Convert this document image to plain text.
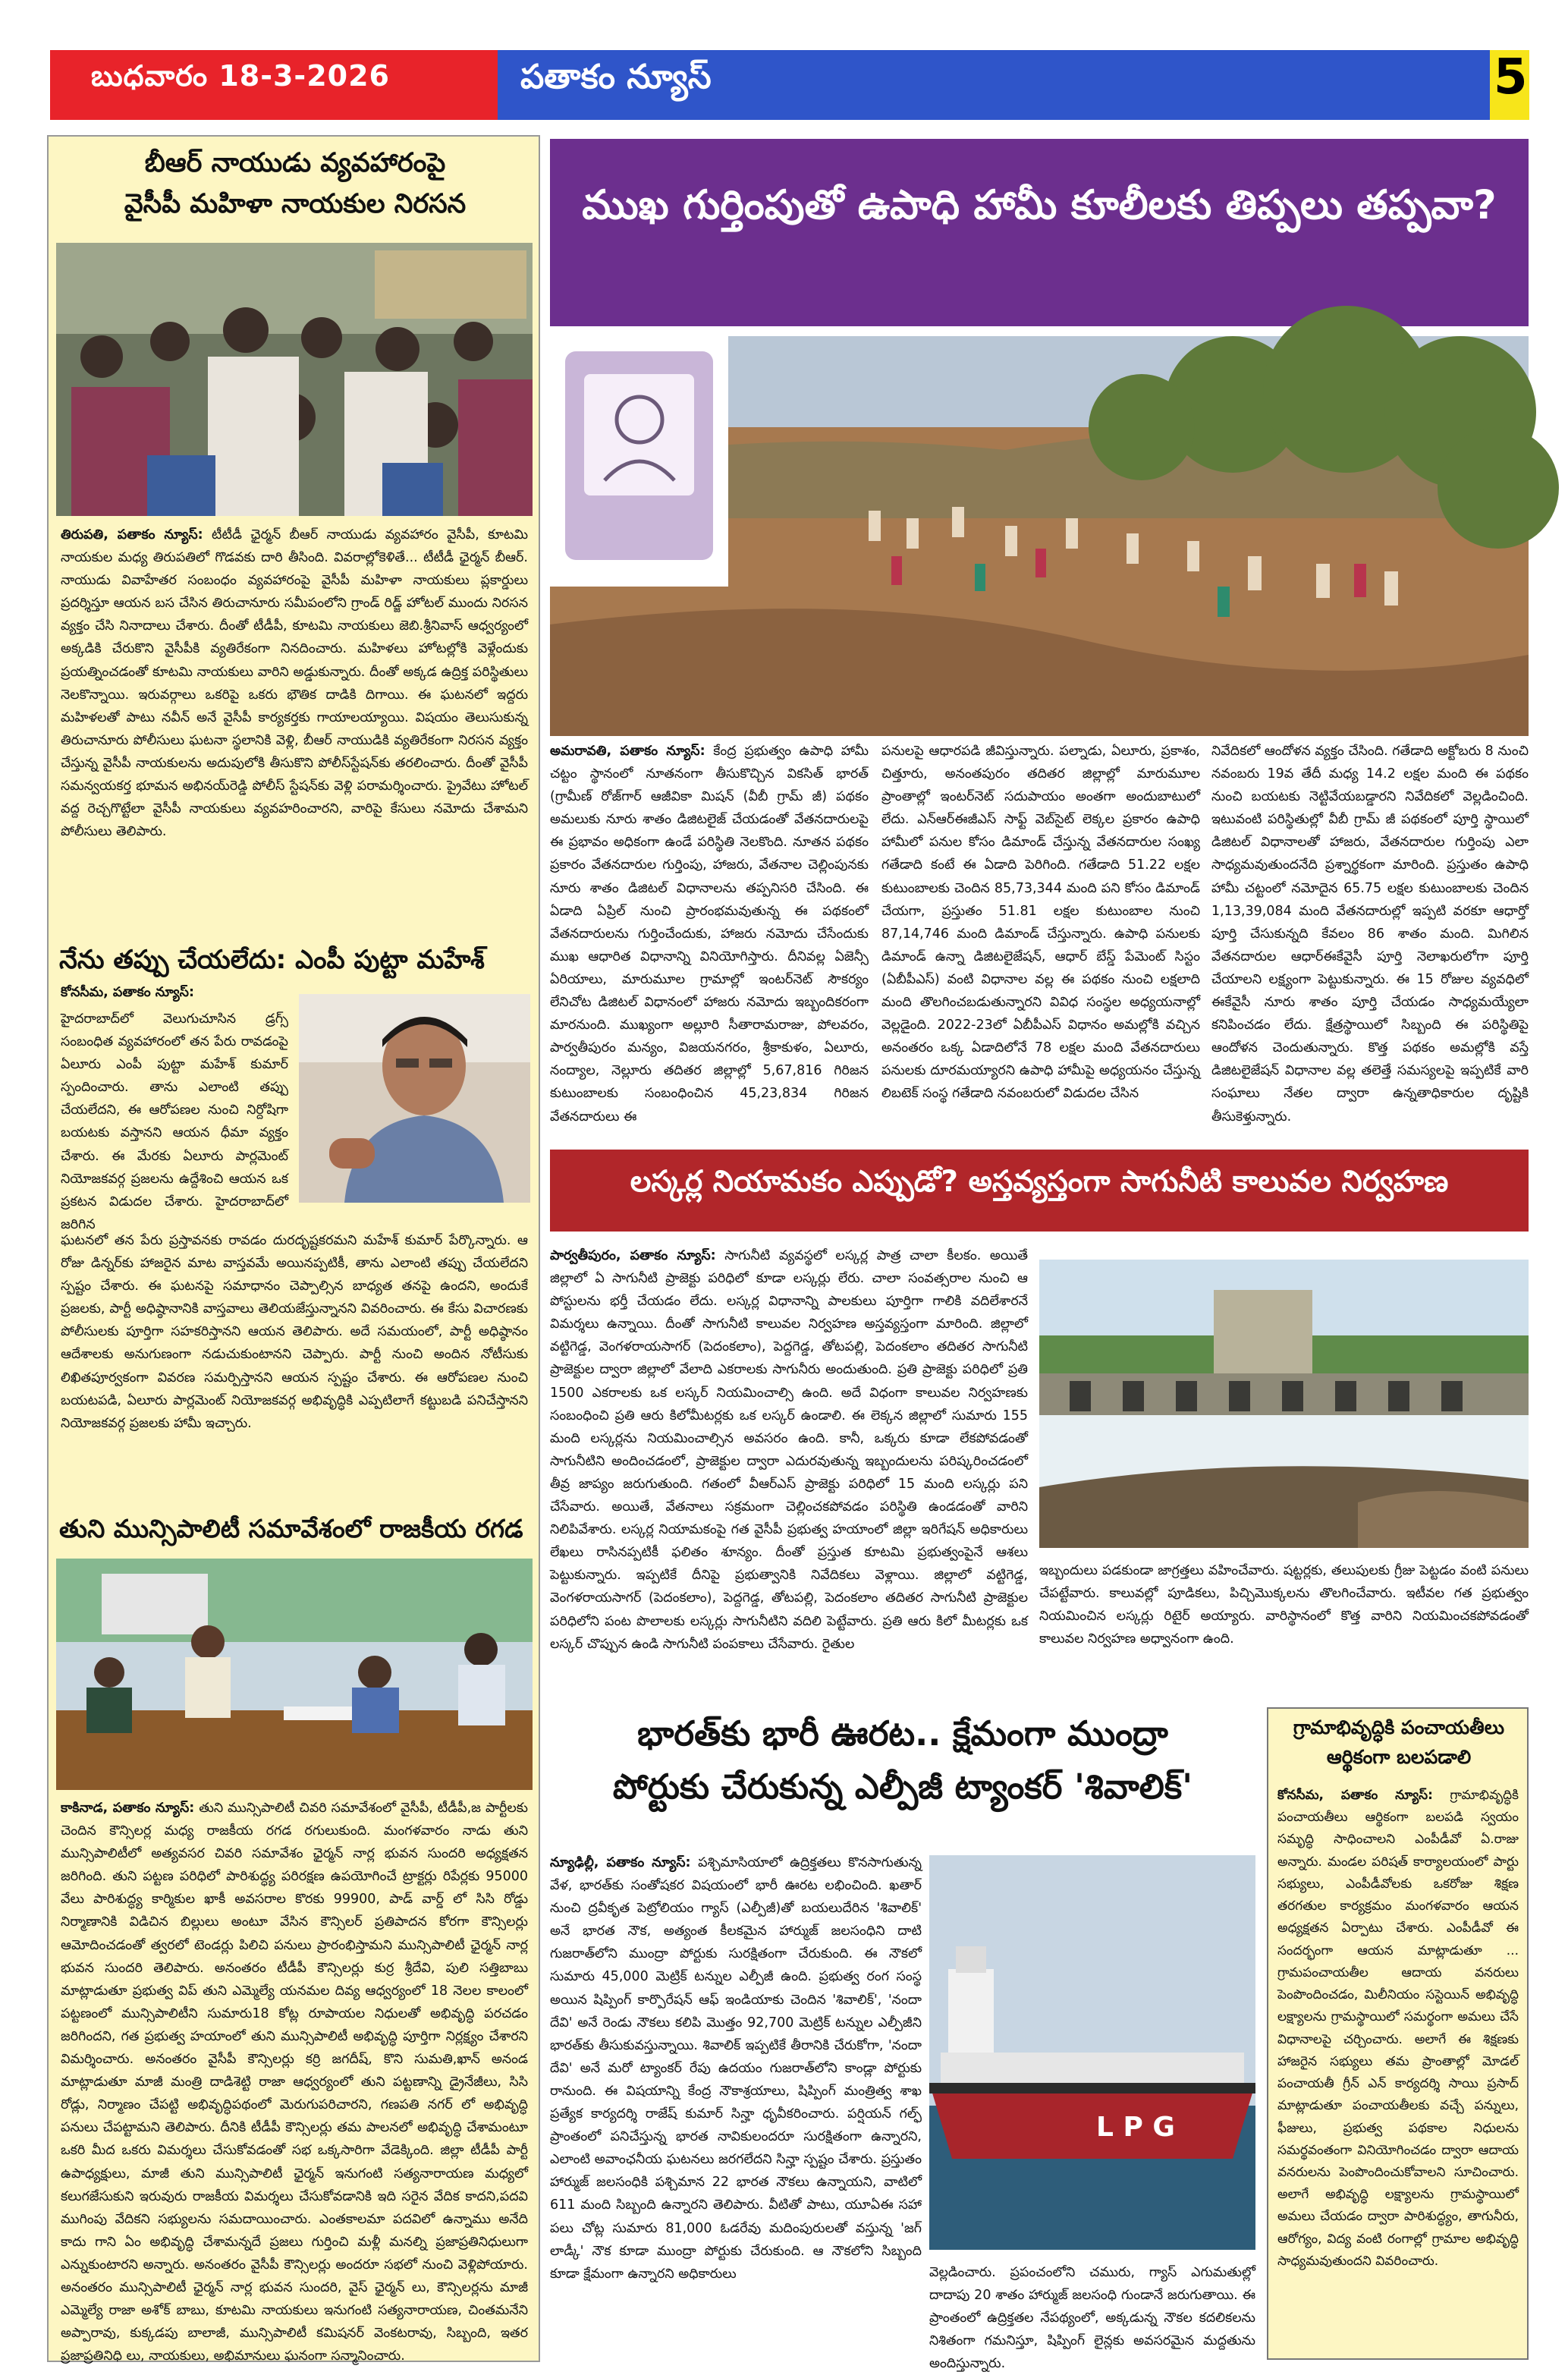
బుధవారం 18-3-2026	పతాకం న్యూస్	5
బీఆర్ నాయుడు వ్యవహారంపై
వైసీపీ మహిళా నాయకుల నిరసన

తిరుపతి, పతాకం న్యూస్: టీటీడీ ఛైర్మన్ బీఆర్ నాయుడు వ్యవహారం వైసీపీ, కూటమి నాయకుల మధ్య తిరుపతిలో గొడవకు దారి తీసింది. వివరాల్లోకెళితే... టీటీడీ ఛైర్మన్ బీఆర్. నాయుడు వివాహేతర సంబంధం వ్యవహారంపై వైసీపీ మహిళా నాయకులు ప్లకార్డులు ప్రదర్శిస్తూ ఆయన బస చేసిన తిరుచానూరు సమీపంలోని గ్రాండ్ రిడ్జ్ హోటల్ ముందు నిరసన వ్యక్తం చేసి నినాదాలు చేశారు. దీంతో టీడీపీ, కూటమి నాయకులు జెబి.శ్రీనివాస్ ఆధ్వర్యంలో అక్కడికి చేరుకొని వైసీపీకి వ్యతిరేకంగా నినదించారు. మహిళలు హోటల్లోకి వెళ్లేందుకు ప్రయత్నించడంతో కూటమి నాయకులు వారిని అడ్డుకున్నారు. దీంతో అక్కడ ఉద్రిక్త పరిస్థితులు నెలకొన్నాయి. ఇరువర్గాలు ఒకరిపై ఒకరు భౌతిక దాడికి దిగాయి. ఈ ఘటనలో ఇద్దరు మహిళలతో పాటు నవీన్ అనే వైసీపీ కార్యకర్తకు గాయాలయ్యాయి. విషయం తెలుసుకున్న తిరుచానూరు పోలీసులు ఘటనా స్థలానికి వెళ్లి, బీఆర్ నాయుడికి వ్యతిరేకంగా నిరసన వ్యక్తం చేస్తున్న వైసీపీ నాయకులను అదుపులోకి తీసుకొని పోలీస్‌స్టేషన్‌కు తరలించారు. దీంతో వైసీపీ సమన్వయకర్త భూమన అభినయ్‌రెడ్డి పోలీస్ స్టేషన్‌కు వెళ్లి పరామర్శించారు. ప్రైవేటు హోటల్ వద్ద రెచ్చగొట్టేలా వైసీపీ నాయకులు వ్యవహరించారని, వారిపై కేసులు నమోదు చేశామని పోలీసులు తెలిపారు.

నేను తప్పు చేయలేదు: ఎంపీ పుట్టా మహేశ్
కోనసీమ, పతాకం న్యూస్:

హైదరాబాద్‌లో వెలుగుచూసిన డ్రగ్స్ సంబంధిత వ్యవహారంలో తన పేరు రావడంపై ఏలూరు ఎంపీ పుట్టా మహేశ్ కుమార్ స్పందించారు. తాను ఎలాంటి తప్పు చేయలేదని, ఈ ఆరోపణల నుంచి నిర్దోషిగా బయటకు వస్తానని ఆయన ధీమా వ్యక్తం చేశారు. ఈ మేరకు ఏలూరు పార్లమెంట్ నియోజకవర్గ ప్రజలను ఉద్దేశించి ఆయన ఒక ప్రకటన విడుదల చేశారు. హైదరాబాద్‌లో జరిగిన

ఘటనలో తన పేరు ప్రస్తావనకు రావడం దురదృష్టకరమని మహేశ్ కుమార్ పేర్కొన్నారు. ఆ రోజు డిన్నర్‌కు హాజరైన మాట వాస్తవమే అయినప్పటికీ, తాను ఎలాంటి తప్పు చేయలేదని స్పష్టం చేశారు. ఈ ఘటనపై సమాధానం చెప్పాల్సిన బాధ్యత తనపై ఉందని, అందుకే ప్రజలకు, పార్టీ అధిష్ఠానానికి వాస్తవాలు తెలియజేస్తున్నానని వివరించారు. ఈ కేసు విచారణకు పోలీసులకు పూర్తిగా సహకరిస్తానని ఆయన తెలిపారు. అదే సమయంలో, పార్టీ అధిష్ఠానం ఆదేశాలకు అనుగుణంగా నడుచుకుంటానని చెప్పారు. పార్టీ నుంచి అందిన నోటీసుకు లిఖితపూర్వకంగా వివరణ సమర్పిస్తానని ఆయన స్పష్టం చేశారు. ఈ ఆరోపణల నుంచి బయటపడి, ఏలూరు పార్లమెంట్ నియోజకవర్గ అభివృద్ధికి ఎప్పటిలాగే కట్టుబడి పనిచేస్తానని నియోజకవర్గ ప్రజలకు హామీ ఇచ్చారు.

తుని మున్సిపాలిటీ సమావేశంలో రాజకీయ రగడ

కాకినాడ, పతాకం న్యూస్: తుని మున్సిపాలిటీ చివరి సమావేశంలో వైసీపీ, టీడీపీ,జ పార్టీలకు చెందిన కౌన్సిలర్ల మధ్య రాజకీయ రగడ రగులుకుంది. మంగళవారం నాడు తుని మున్సిపాలిటీలో అత్యవసర చివరి సమావేశం ఛైర్మన్ నార్ల భువన సుందరి అధ్యక్షతన జరిగింది. తుని పట్టణ పరిధిలో పారిశుద్ధ్య పరిరక్షణ ఉపయోగించే ట్రాక్టర్లు రిపేర్లకు 95000 వేలు పారిశుద్ధ్య కార్మికుల ఖాకీ అవసరాల కొరకు 99900, పాడ్ వార్డ్ లో సిసి రోడ్డు నిర్మాణానికి విడిచిన బిల్లులు అంటూ వేసిన కౌన్సిలర్ ప్రతిపాదన కోరగా కౌన్సిలర్లు ఆమోదించడంతో త్వరలో టెండర్లు పిలిచి పనులు ప్రారంభిస్తామని మున్సిపాలిటీ ఛైర్మన్ నార్ల భువన సుందరి తెలిపారు. అనంతరం టీడీపీ కౌన్సిలర్లు కుర్ర శ్రీదేవి, పులి సత్తిబాబు మాట్లాడుతూ ప్రభుత్వ విప్ తుని ఎమ్మెల్యే యనమల దివ్య ఆధ్వర్యంలో 18 నెలల కాలంలో పట్టణంలో మున్సిపాలిటీని సుమారు18 కోట్ల రూపాయల నిధులతో అభివృద్ధి పరచడం జరిగిందని, గత ప్రభుత్వ హయాంలో తుని మున్సిపాలిటీ అభివృద్ధి పూర్తిగా నిర్లక్ష్యం చేశారని విమర్శించారు. అనంతరం వైసీపీ కౌన్సిలర్లు కర్రి జగదీష్, కొని సుమతి,ఖాన్ అనండ మాట్లాడుతూ మాజీ మంత్రి దాడిశెట్టి రాజా ఆధ్వర్యంలో తుని పట్టణాన్ని డ్రైనేజీలు, సిసి రోడ్లు, నిర్మాణం చేపట్టి అభివృద్ధిపథంలో మెరుగుపరిచారని, గణపతి నగర్ లో అభివృద్ధి పనులు చేపట్టామని తెలిపారు. దీనికి టీడీపీ కౌన్సిలర్లు తమ పాలనలో అభివృద్ధి చేశామంటూ ఒకరి మీద ఒకరు విమర్శలు చేసుకోవడంతో సభ ఒక్కసారిగా వేడెక్కింది. జిల్లా టీడీపీ పార్టీ ఉపాధ్యక్షులు, మాజీ తుని మున్సిపాలిటీ ఛైర్మన్ ఇనుగంటి సత్యనారాయణ మధ్యలో కలుగజేసుకుని ఇరువురు రాజకీయ విమర్శలు చేసుకోవడానికి ఇది సరైన వేదిక కాదని,పదవి ముగింపు వేదికని సభ్యులను సమదాయించారు. ఎంతకాలమా పదవిలో ఉన్నాము అనేది కాదు గాని ఏం అభివృద్ధి చేశామన్నదే ప్రజలు గుర్తించి మళ్లీ మనల్ని ప్రజాప్రతినిధులుగా ఎన్నుకుంటారని అన్నారు. అనంతరం వైసీపీ కౌన్సిలర్లు అందరూ సభలో నుంచి వెళ్లిపోయారు. అనంతరం మున్సిపాలిటీ ఛైర్మన్ నార్ల భువన సుందరి, వైస్ ఛైర్మన్ లు, కౌన్సిలర్లను మాజీ ఎమ్మెల్యే రాజా అశోక్ బాబు, కూటమి నాయకులు ఇనుగంటి సత్యనారాయణ, చింతమనేని అప్పారావు, కుక్కడపు బాలాజీ, మున్సిపాలిటీ కమిషనర్ వెంకటరావు, సిబ్బంది, ఇతర ప్రజాప్రతినిధి లు, నాయకులు, అభిమానులు ఘనంగా సన్మానించారు.

ముఖ గుర్తింపుతో ఉపాధి హామీ కూలీలకు తిప్పలు తప్పవా?

అమరావతి, పతాకం న్యూస్: కేంద్ర ప్రభుత్వం ఉపాధి హామీ చట్టం స్థానంలో నూతనంగా తీసుకొచ్చిన వికసిత్ భారత్ (గ్రామీణ్ రోజ్‌గార్ ఆజీవికా మిషన్ (వీబీ గ్రామ్ జీ) పథకం అమలుకు నూరు శాతం డిజిటలైజ్ చేయడంతో వేతనదారులపై ఈ ప్రభావం అధికంగా ఉండే పరిస్థితి నెలకొంది. నూతన పథకం ప్రకారం వేతనదారుల గుర్తింపు, హాజరు, వేతనాల చెల్లింపునకు నూరు శాతం డిజిటల్ విధానాలను తప్పనిసరి చేసింది. ఈ ఏడాది ఏప్రిల్ నుంచి ప్రారంభమవుతున్న ఈ పథకంలో వేతనదారులను గుర్తించేందుకు, హాజరు నమోదు చేసేందుకు ముఖ ఆధారిత విధానాన్ని వినియోగిస్తారు. దీనివల్ల ఏజెన్సీ ఏరియాలు, మారుమూల గ్రామాల్లో ఇంటర్‌నెట్ సౌకర్యం లేనిచోట డిజిటల్ విధానంలో హాజరు నమోదు ఇబ్బందికరంగా మారనుంది. ముఖ్యంగా అల్లూరి సీతారామరాజు, పోలవరం, పార్వతీపురం మన్యం, విజయనగరం, శ్రీకాకుళం, ఏలూరు, నంద్యాల, నెల్లూరు తదితర జిల్లాల్లో 5,67,816 గిరిజన కుటుంబాలకు సంబంధించిన 45,23,834 గిరిజన వేతనదారులు ఈ

పనులపై ఆధారపడి జీవిస్తున్నారు. పల్నాడు, ఏలూరు, ప్రకాశం, చిత్తూరు, అనంతపురం తదితర జిల్లాల్లో మారుమూల ప్రాంతాల్లో ఇంటర్‌నెట్ సదుపాయం అంతగా అందుబాటులో లేదు. ఎన్ఆర్ఈజీఎస్ సాఫ్ట్ వెబ్‌సైట్ లెక్కల ప్రకారం ఉపాధి హామీలో పనుల కోసం డిమాండ్ చేస్తున్న వేతనదారుల సంఖ్య గతేడాది కంటే ఈ ఏడాది పెరిగింది. గతేడాది 51.22 లక్షల కుటుంబాలకు చెందిన 85,73,344 మంది పని కోసం డిమాండ్ చేయగా, ప్రస్తుతం 51.81 లక్షల కుటుంబాల నుంచి 87,14,746 మంది డిమాండ్ చేస్తున్నారు. ఉపాధి పనులకు డిమాండ్ ఉన్నా డిజిటలైజేషన్, ఆధార్ బేస్డ్ పేమెంట్ సిస్టం (ఏబీపీఎస్) వంటి విధానాల వల్ల ఈ పథకం నుంచి లక్షలాది మంది తొలగించబడుతున్నారని వివిధ సంస్థల అధ్యయనాల్లో వెల్లడైంది. 2022-23లో ఏబీపీఎస్ విధానం అమల్లోకి వచ్చిన అనంతరం ఒక్క ఏడాదిలోనే 78 లక్షల మంది వేతనదారులు పనులకు దూరమయ్యారని ఉపాధి హామీపై అధ్యయనం చేస్తున్న లిబటెక్ సంస్థ గతేడాది నవంబరులో విడుదల చేసిన

నివేదికలో ఆందోళన వ్యక్తం చేసింది. గతేడాది అక్టోబరు 8 నుంచి నవంబరు 19వ తేదీ మధ్య 14.2 లక్షల మంది ఈ పథకం నుంచి బయటకు నెట్టివేయబడ్డారని నివేదికలో వెల్లడించింది. ఇటువంటి పరిస్థితుల్లో వీబీ గ్రామ్ జీ పథకంలో పూర్తి స్థాయిలో డిజిటల్ విధానాలతో హాజరు, వేతనదారుల గుర్తింపు ఎలా సాధ్యమవుతుందనేది ప్రశ్నార్థకంగా మారింది. ప్రస్తుతం ఉపాధి హామీ చట్టంలో నమోదైన 65.75 లక్షల కుటుంబాలకు చెందిన 1,13,39,084 మంది వేతనదారుల్లో ఇప్పటి వరకూ ఆధార్తో పూర్తి చేసుకున్నది కేవలం 86 శాతం మంది. మిగిలిన వేతనదారుల ఆధార్‌ఈకేవైసీ పూర్తి నెలాఖరులోగా పూర్తి చేయాలని లక్ష్యంగా పెట్టుకున్నారు. ఈ 15 రోజుల వ్యవధిలో ఈకేవైసీ నూరు శాతం పూర్తి చేయడం సాధ్యమయ్యేలా కనిపించడం లేదు. క్షేత్రస్థాయిలో సిబ్బంది ఈ పరిస్థితిపై ఆందోళన చెందుతున్నారు. కొత్త పథకం అమల్లోకి వస్తే డిజిటలైజేషన్ విధానాల వల్ల తలెత్తే సమస్యలపై ఇప్పటికే వారి సంఘాలు నేతల ద్వారా ఉన్నతాధికారుల దృష్టికి తీసుకెళ్తున్నారు.

లస్కర్ల నియామకం ఎప్పుడో? అస్తవ్యస్తంగా సాగునీటి కాలువల నిర్వహణ

పార్వతీపురం, పతాకం న్యూస్: సాగునీటి వ్యవస్థలో లస్కర్ల పాత్ర చాలా కీలకం. అయితే జిల్లాలో ఏ సాగునీటి ప్రాజెక్టు పరిధిలో కూడా లస్కర్లు లేరు. చాలా సంవత్సరాల నుంచి ఆ పోస్టులను భర్తీ చేయడం లేదు. లస్కర్ల విధానాన్ని పాలకులు పూర్తిగా గాలికి వదిలేశారనే విమర్శలు ఉన్నాయి. దీంతో సాగునీటి కాలువల నిర్వహణ అస్తవ్యస్తంగా మారింది. జిల్లాలో వట్టిగెడ్డ, వెంగళరాయసాగర్ (పెదంకలాం), పెద్దగెడ్డ, తోటపల్లి, పెదంకలాం తదితర సాగునీటి ప్రాజెక్టుల ద్వారా జిల్లాలో వేలాది ఎకరాలకు సాగునీరు అందుతుంది. ప్రతి ప్రాజెక్టు పరిధిలో ప్రతి 1500 ఎకరాలకు ఒక లస్కర్ నియమించాల్సి ఉంది. అదే విధంగా కాలువల నిర్వహణకు సంబంధించి ప్రతి ఆరు కిలోమీటర్లకు ఒక లస్కర్ ఉండాలి. ఈ లెక్కన జిల్లాలో సుమారు 155 మంది లస్కర్లను నియమించాల్సిన అవసరం ఉంది. కానీ, ఒక్కరు కూడా లేకపోవడంతో సాగునీటిని అందించడంలో, ప్రాజెక్టుల ద్వారా ఎదురవుతున్న ఇబ్బందులను పరిష్కరించడంలో తీవ్ర జాప్యం జరుగుతుంది. గతంలో వీఆర్ఎస్ ప్రాజెక్టు పరిధిలో 15 మంది లస్కర్లు పని చేసేవారు. అయితే, వేతనాలు సక్రమంగా చెల్లించకపోవడం పరిస్థితి ఉండడంతో వారిని నిలిపివేశారు. లస్కర్ల నియామకంపై గత వైసీపీ ప్రభుత్వ హయాంలో జిల్లా ఇరిగేషన్ అధికారులు లేఖలు రాసినప్పటికీ ఫలితం శూన్యం. దీంతో ప్రస్తుత కూటమి ప్రభుత్వంపైనే ఆశలు పెట్టుకున్నారు. ఇప్పటికే దీనిపై ప్రభుత్వానికి నివేదికలు వెళ్లాయి. జిల్లాలో వట్టిగెడ్డ, వెంగళరాయసాగర్ (పెదంకలాం), పెద్దగెడ్డ, తోటపల్లి, పెదంకలాం తదితర సాగునీటి ప్రాజెక్టుల పరిధిలోని పంట పొలాలకు లస్కర్లు సాగునీటిని వదిలి పెట్టేవారు. ప్రతి ఆరు కిలో మీటర్లకు ఒక లస్కర్ చొప్పున ఉండి సాగునీటి పంపకాలు చేసేవారు. రైతుల

ఇబ్బందులు పడకుండా జాగ్రత్తలు వహించేవారు. షట్టర్లకు, తలుపులకు గ్రీజు పెట్టడం వంటి పనులు చేపట్టేవారు. కాలువల్లో పూడికలు, పిచ్చిమొక్కలను తొలగించేవారు. ఇటీవల గత ప్రభుత్వం నియమించిన లస్కర్లు రిటైర్ అయ్యారు. వారిస్థానంలో కొత్త వారిని నియమించకపోవడంతో కాలువల నిర్వహణ అధ్వానంగా ఉంది.

భారత్‌కు భారీ ఊరట.. క్షేమంగా ముంద్రా
పోర్టుకు చేరుకున్న ఎల్పీజీ ట్యాంకర్ 'శివాలిక్'
L P G

న్యూఢిల్లీ, పతాకం న్యూస్: పశ్చిమాసియాలో ఉద్రిక్తతలు కొనసాగుతున్న వేళ, భారత్‌కు సంతోషకర విషయంలో భారీ ఊరట లభించింది. ఖతార్ నుంచి ద్రవీకృత పెట్రోలియం గ్యాస్ (ఎల్పీజీ)తో బయలుదేరిన 'శివాలిక్' అనే భారత నౌక, అత్యంత కీలకమైన హార్ముజ్ జలసంధిని దాటి గుజరాత్‌లోని ముంద్రా పోర్టుకు సురక్షితంగా చేరుకుంది. ఈ నౌకలో సుమారు 45,000 మెట్రిక్ టన్నుల ఎల్పీజీ ఉంది. ప్రభుత్వ రంగ సంస్థ అయిన షిప్పింగ్ కార్పొరేషన్ ఆఫ్ ఇండియాకు చెందిన 'శివాలిక్', 'నందా దేవి' అనే రెండు నౌకలు కలిపి మొత్తం 92,700 మెట్రిక్ టన్నుల ఎల్పీజీని భారత్‌కు తీసుకువస్తున్నాయి. శివాలిక్ ఇప్పటికే తీరానికి చేరుకోగా, 'నందా దేవి' అనే మరో ట్యాంకర్ రేపు ఉదయం గుజరాత్‌లోని కాండ్లా పోర్టుకు రానుంది. ఈ విషయాన్ని కేంద్ర నౌకాశ్రయాలు, షిప్పింగ్ మంత్రిత్వ శాఖ ప్రత్యేక కార్యదర్శి రాజేష్ కుమార్ సిన్హా ధృవీకరించారు. పర్షియన్ గల్ఫ్ ప్రాంతంలో పనిచేస్తున్న భారత నావికులందరూ సురక్షితంగా ఉన్నారని, ఎలాంటి అవాంఛనీయ ఘటనలు జరగలేదని సిన్హా స్పష్టం చేశారు. ప్రస్తుతం హార్ముజ్ జలసంధికి పశ్చిమాన 22 భారత నౌకలు ఉన్నాయని, వాటిలో 611 మంది సిబ్బంది ఉన్నారని తెలిపారు. వీటితో పాటు, యూఏఈ సహా పలు చోట్ల సుమారు 81,000 ఓడరేవు మదింపురులతో వస్తున్న 'జగ్ లాడ్కీ' నౌక కూడా ముంద్రా పోర్టుకు చేరుకుంది. ఆ నౌకలోని సిబ్బంది కూడా క్షేమంగా ఉన్నారని అధికారులు	వెల్లడించారు. ప్రపంచంలోని చమురు, గ్యాస్ ఎగుమతుల్లో దాదాపు 20 శాతం హార్ముజ్ జలసంధి గుండానే జరుగుతాయి. ఈ ప్రాంతంలో ఉద్రిక్తతల నేపథ్యంలో, అక్కడున్న నౌకల కదలికలను నిశితంగా గమనిస్తూ, షిప్పింగ్ లైన్లకు అవసరమైన మద్దతును అందిస్తున్నారు.

గ్రామాభివృద్ధికి పంచాయతీలు
ఆర్థికంగా బలపడాలి

కోనసీమ, పతాకం న్యూస్: గ్రామాభివృద్ధికి పంచాయతీలు ఆర్థికంగా బలపడి స్వయం సమృద్ధి సాధించాలని ఎంపీడీవో ఏ.రాజు అన్నారు. మండల పరిషత్ కార్యాలయంలో పార్టు సభ్యులు, ఎంపీడీవోలకు ఒకరోజు శిక్షణ తరగతుల కార్యక్రమం మంగళవారం ఆయన అధ్యక్షతన ఏర్పాటు చేశారు. ఎంపీడీవో ఈ సందర్భంగా ఆయన మాట్లాడుతూ ... గ్రామపంచాయతీల ఆదాయ వనరులు పెంపొందించడం, మిలీనియం సస్టెయిన్ అభివృద్ధి లక్ష్యాలను గ్రామస్థాయిలో సమర్థంగా అమలు చేసే విధానాలపై చర్చించారు. అలాగే ఈ శిక్షణకు హాజరైన సభ్యులు తమ ప్రాంతాల్లో మోడల్ పంచాయతీ గ్రీన్ ఎన్ కార్యదర్శి సాయి ప్రసాద్ మాట్లాడుతూ పంచాయతీలకు వచ్చే పన్నులు, ఫీజులు, ప్రభుత్వ పథకాల నిధులను సమర్థవంతంగా వినియోగించడం ద్వారా ఆదాయ వనరులను పెంపొందించుకోవాలని సూచించారు. అలాగే అభివృద్ధి లక్ష్యాలను గ్రామస్థాయిలో అమలు చేయడం ద్వారా పారిశుద్ధ్యం, తాగునీరు, ఆరోగ్యం, విద్య వంటి రంగాల్లో గ్రామాల అభివృద్ధి సాధ్యమవుతుందని వివరించారు.
